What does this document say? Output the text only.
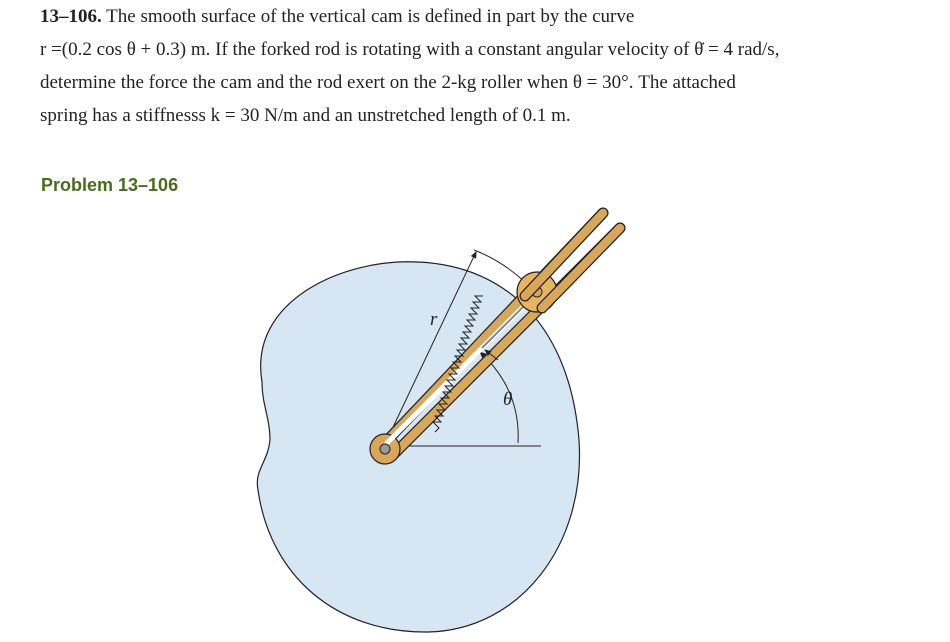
13–106. The smooth surface of the vertical cam is defined in part by the curve
r =(0.2 cos θ + 0.3) m. If the forked rod is rotating with a constant angular velocity of θ̇ = 4 rad/s,
determine the force the cam and the rod exert on the 2-kg roller when θ = 30°. The attached
spring has a stiffnesss k = 30 N/m and an unstretched length of 0.1 m.
Problem 13–106
r
θ
